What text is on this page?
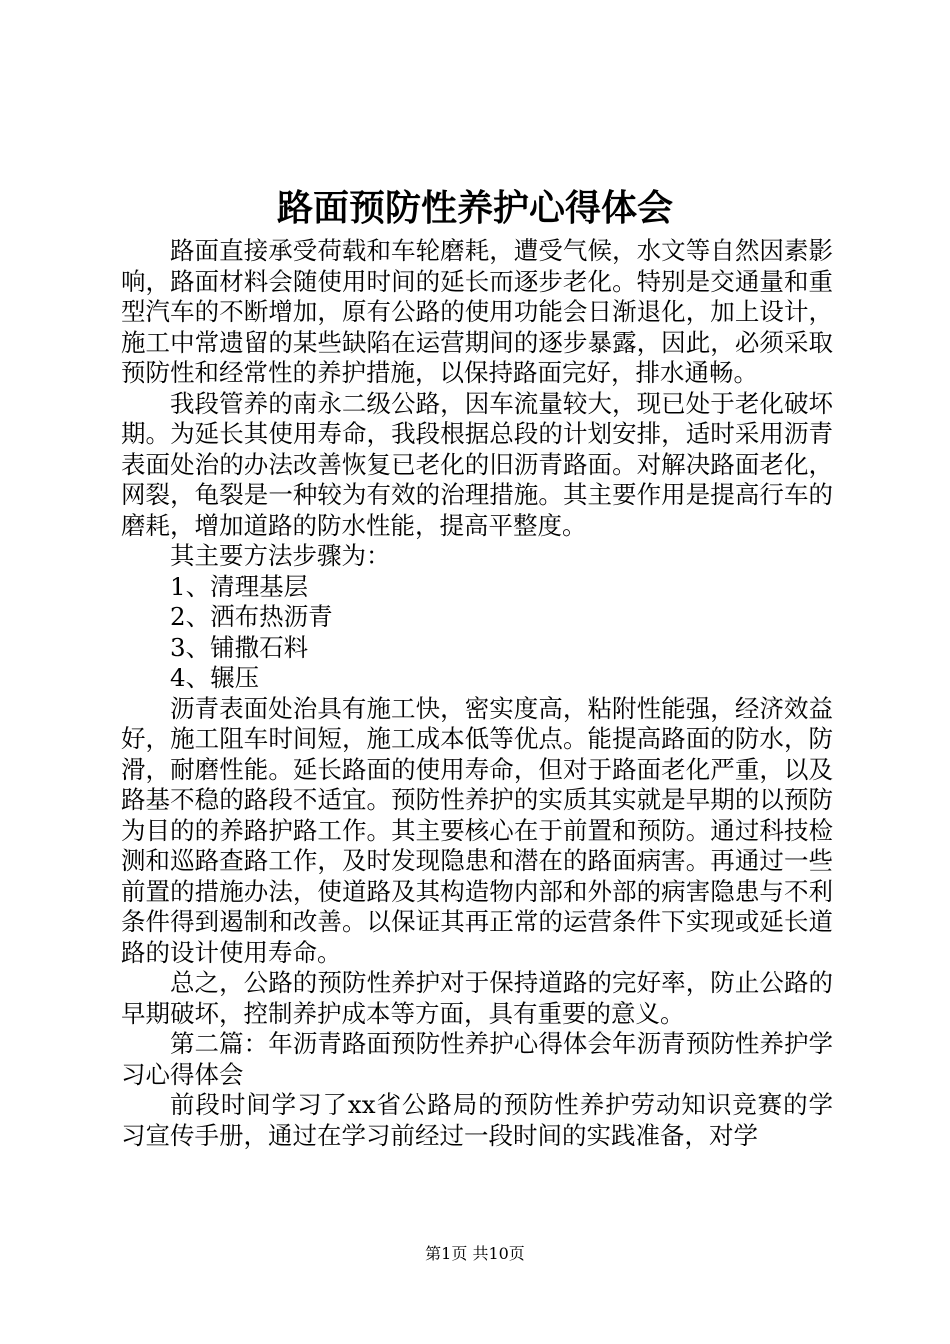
路面预防性养护心得体会

路面直接承受荷载和车轮磨耗，遭受气候，水文等自然因素影响，路面材料会随使用时间的延长而逐步老化。特别是交通量和重型汽车的不断增加，原有公路的使用功能会日渐退化，加上设计，施工中常遗留的某些缺陷在运营期间的逐步暴露，因此，必须采取预防性和经常性的养护措施，以保持路面完好，排水通畅。

我段管养的南永二级公路，因车流量较大，现已处于老化破坏期。为延长其使用寿命，我段根据总段的计划安排，适时采用沥青表面处治的办法改善恢复已老化的旧沥青路面。对解决路面老化，网裂，龟裂是一种较为有效的治理措施。其主要作用是提高行车的磨耗，增加道路的防水性能，提高平整度。

其主要方法步骤为：

1、清理基层

2、洒布热沥青

3、铺撒石料

4、辗压

沥青表面处治具有施工快，密实度高，粘附性能强，经济效益好，施工阻车时间短，施工成本低等优点。能提高路面的防水，防滑，耐磨性能。延长路面的使用寿命，但对于路面老化严重，以及路基不稳的路段不适宜。预防性养护的实质其实就是早期的以预防为目的的养路护路工作。其主要核心在于前置和预防。通过科技检测和巡路查路工作，及时发现隐患和潜在的路面病害。再通过一些前置的措施办法，使道路及其构造物内部和外部的病害隐患与不利条件得到遏制和改善。以保证其再正常的运营条件下实现或延长道路的设计使用寿命。

总之，公路的预防性养护对于保持道路的完好率，防止公路的早期破坏，控制养护成本等方面，具有重要的意义。

第二篇：年沥青路面预防性养护心得体会年沥青预防性养护学习心得体会

前段时间学习了xx省公路局的预防性养护劳动知识竞赛的学习宣传手册，通过在学习前经过一段时间的实践准备，对学

第1页 共10页
